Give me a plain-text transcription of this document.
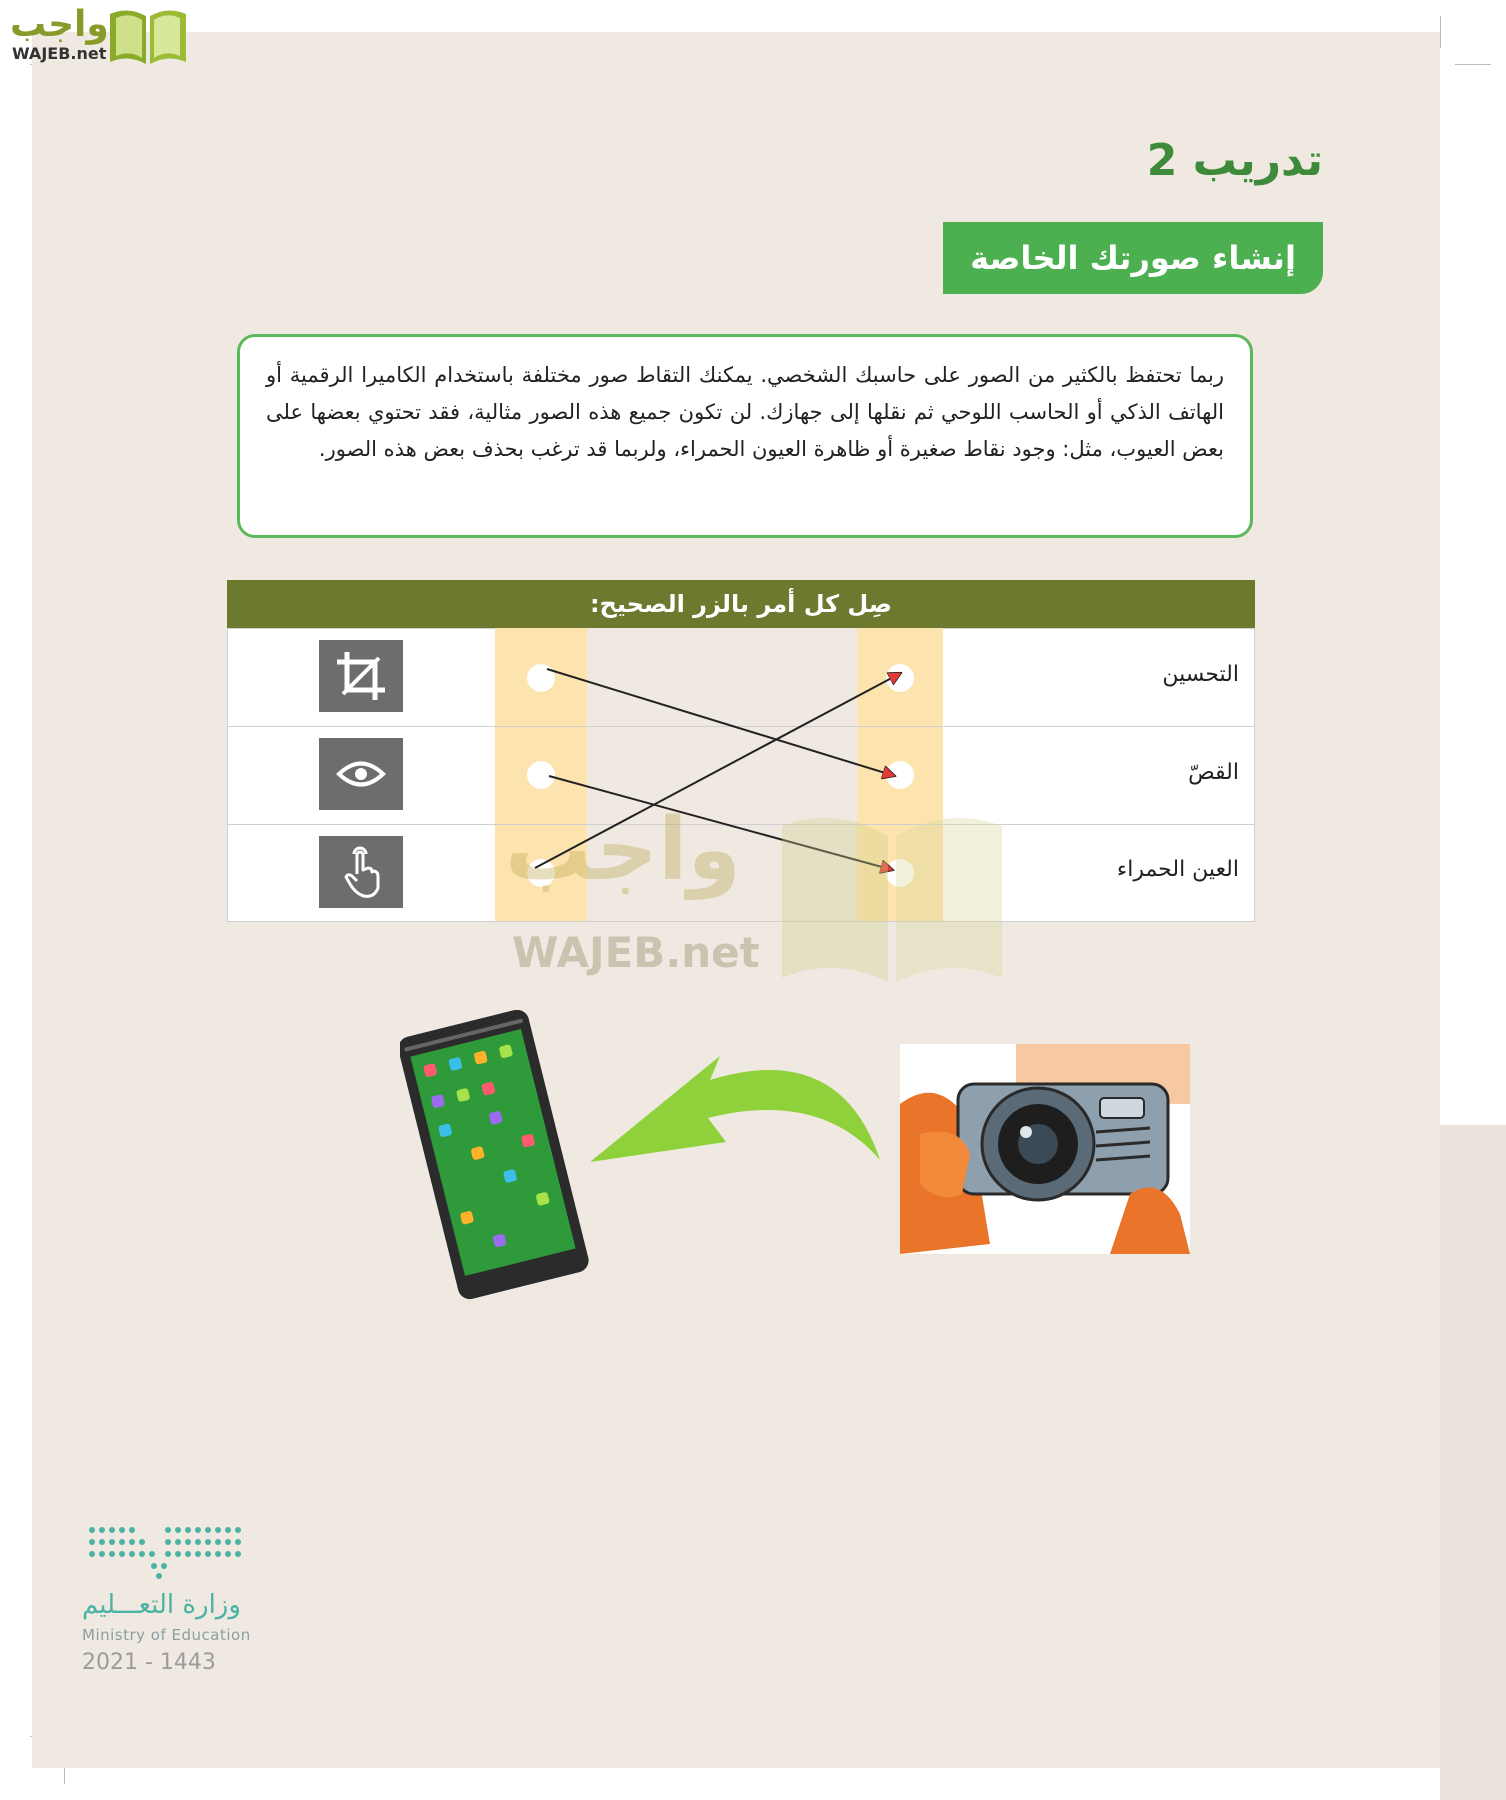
واجب
WAJEB.net
تدريب 2
إنشاء صورتك الخاصة
ربما تحتفظ بالكثير من الصور على حاسبك الشخصي. يمكنك التقاط صور مختلفة باستخدام الكاميرا الرقمية أو الهاتف الذكي أو الحاسب اللوحي ثم نقلها إلى جهازك. لن تكون جميع هذه الصور مثالية، فقد تحتوي بعضها على بعض العيوب، مثل: وجود نقاط صغيرة أو ظاهرة العيون الحمراء، ولربما قد ترغب بحذف بعض هذه الصور.
صِل كل أمر بالزر الصحيح:
التحسين
القصّ
العين الحمراء
واجب
WAJEB.net
وزارة التعـــليم
Ministry of Education
2021 - 1443
